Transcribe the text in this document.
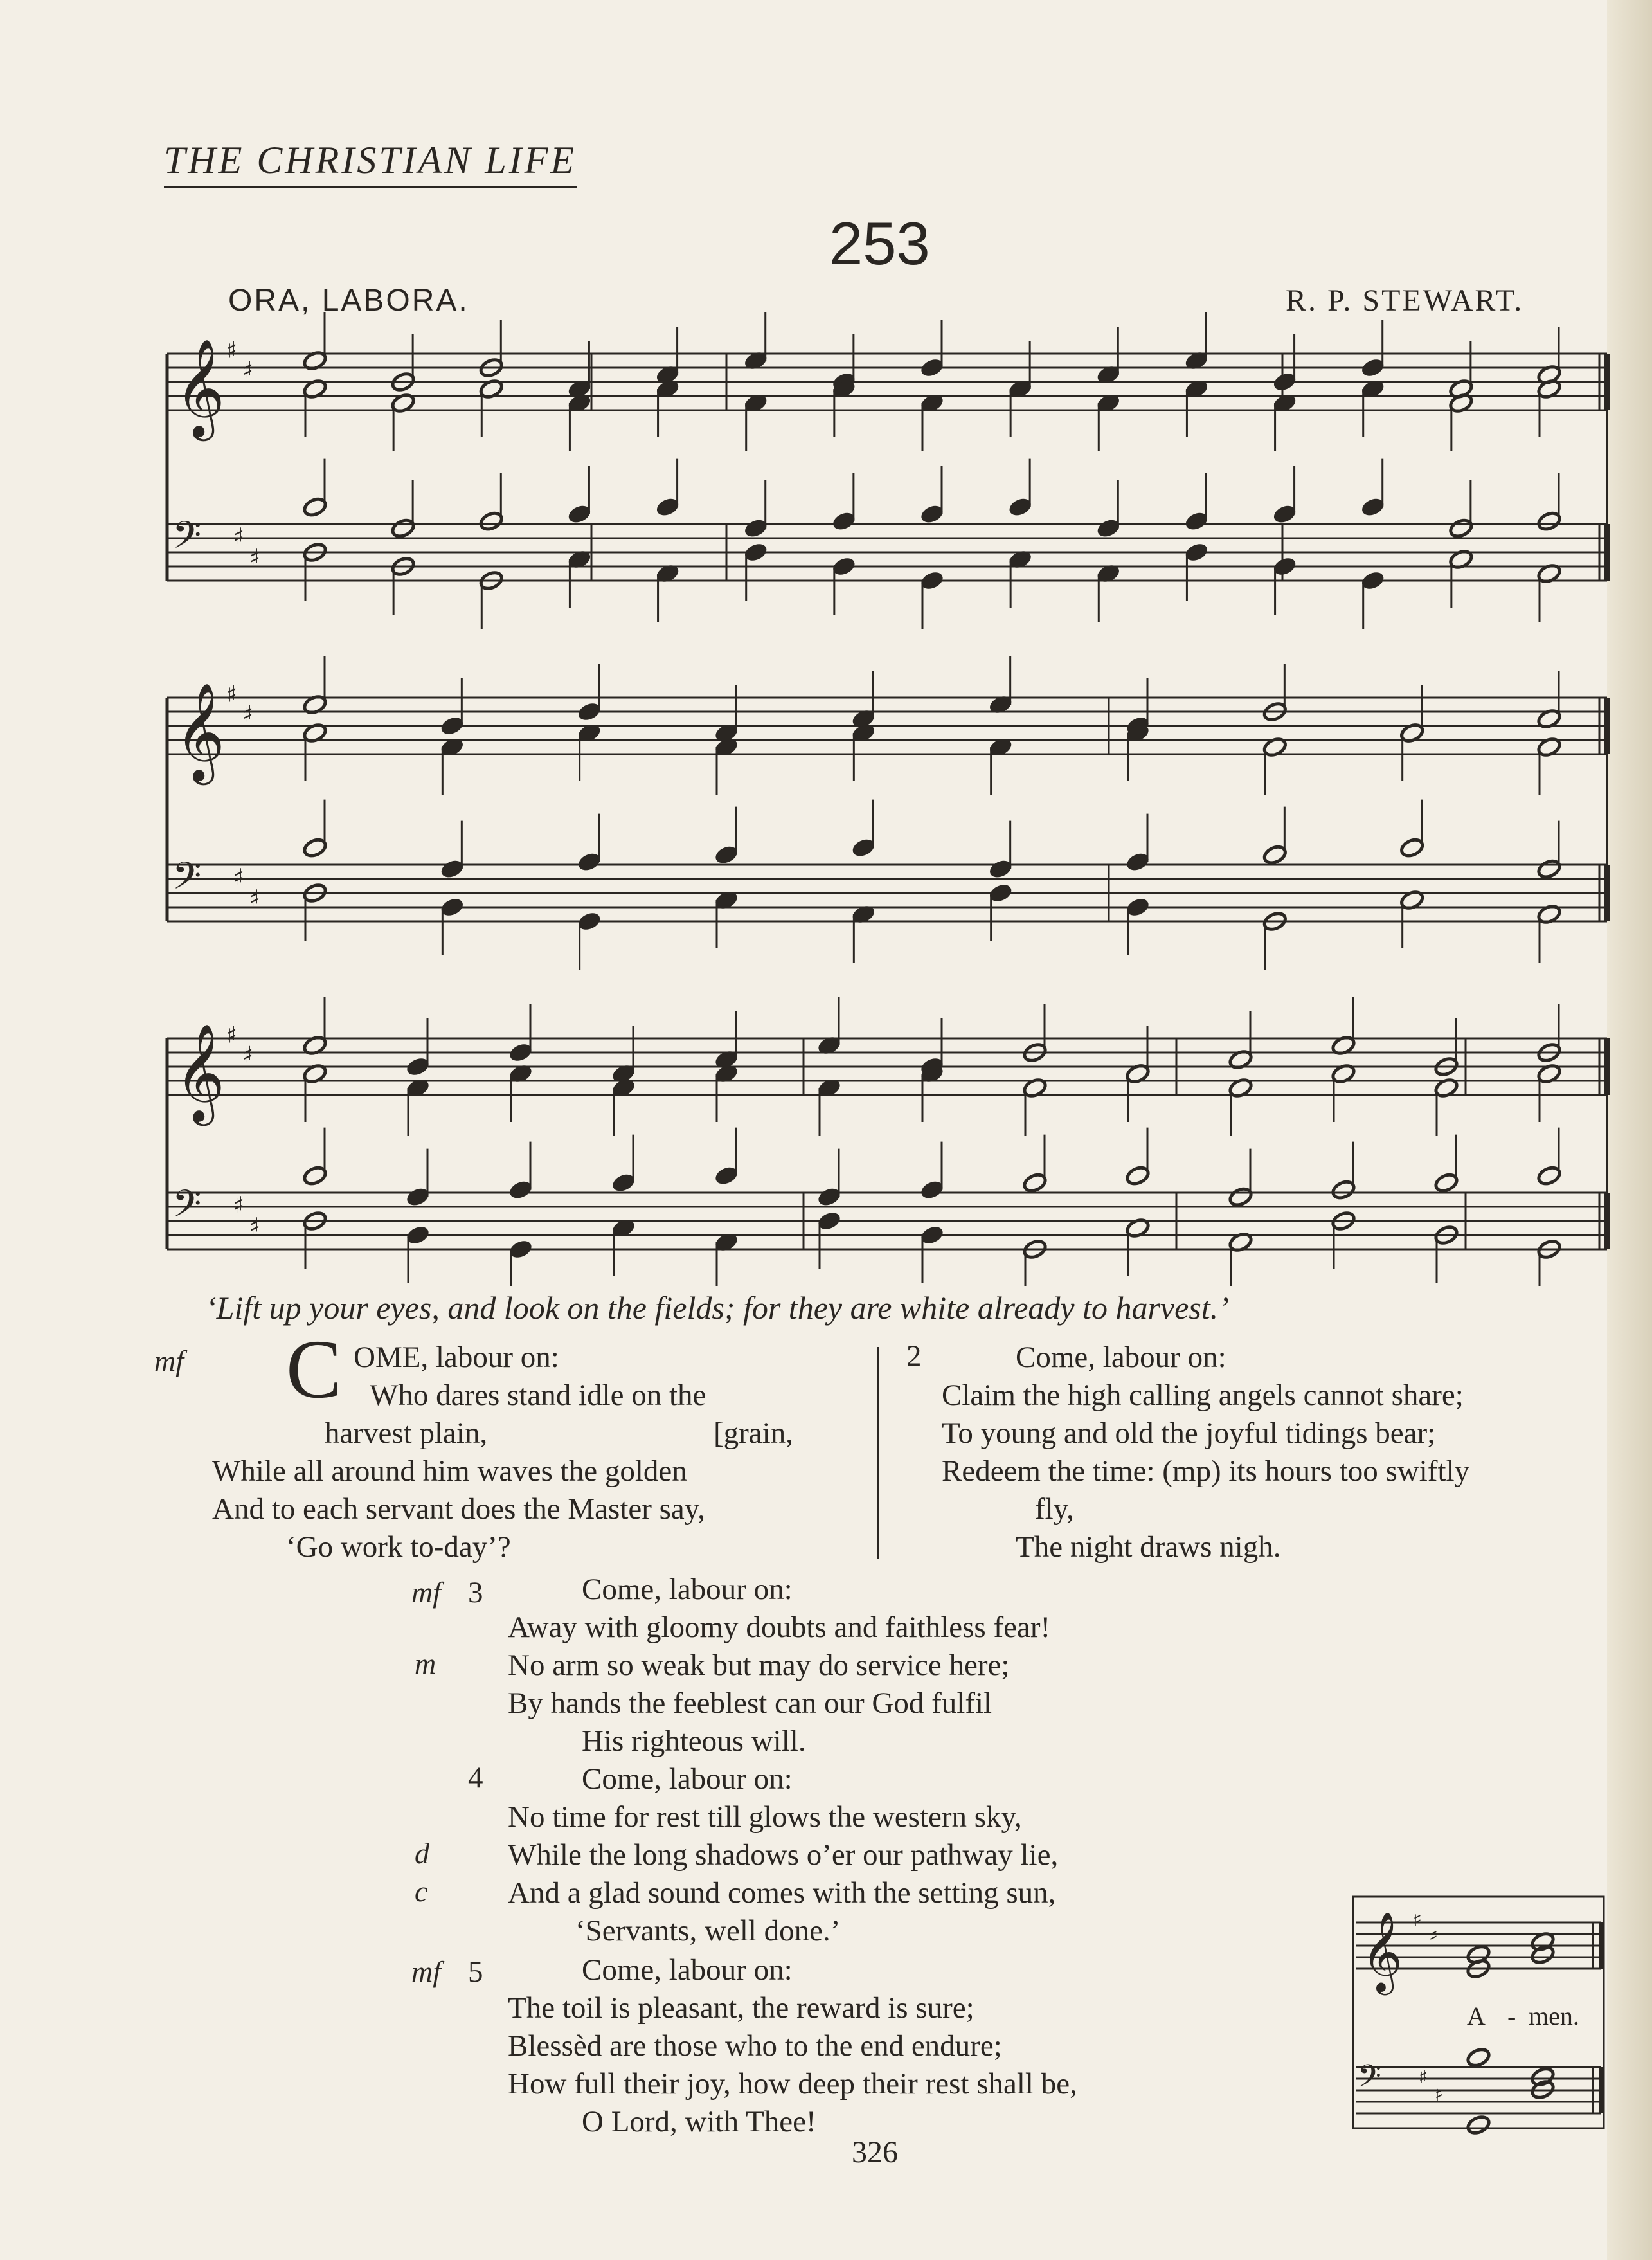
THE CHRISTIAN LIFE
253
ORA, LABORA.	R. P. STEWART.
𝄞 ♯
♯
𝄢 ♯
♯
𝄞 ♯
♯
𝄢 ♯
♯
𝄞 ♯
♯
𝄢 ♯
♯
‘Lift up your eyes, and look on the fields; for they are white already to harvest.’
mf C OME, labour on:
Who dares stand idle on the
harvest plain,	[grain,
While all around him waves the golden
And to each servant does the Master say,
‘Go work to-day’?
2	Come, labour on:
Claim the high calling angels cannot share;
To young and old the joyful tidings bear;
Redeem the time: (mp) its hours too swiftly
fly,
The night draws nigh.
mf 3	Come, labour on:
Away with gloomy doubts and faithless fear!
m No arm so weak but may do service here;
By hands the feeblest can our God fulfil
His righteous will.
4	Come, labour on:
No time for rest till glows the western sky,
d	While the long shadows o’er our pathway lie,
c	And a glad sound comes with the setting sun,
‘Servants, well done.’
mf 5	Come, labour on:
The toil is pleasant, the reward is sure;
Blessèd are those who to the end endure;
How full their joy, how deep their rest shall be,
O Lord, with Thee!
𝄞 ♯
♯
𝄢 ♯
♯
A - men.
326
